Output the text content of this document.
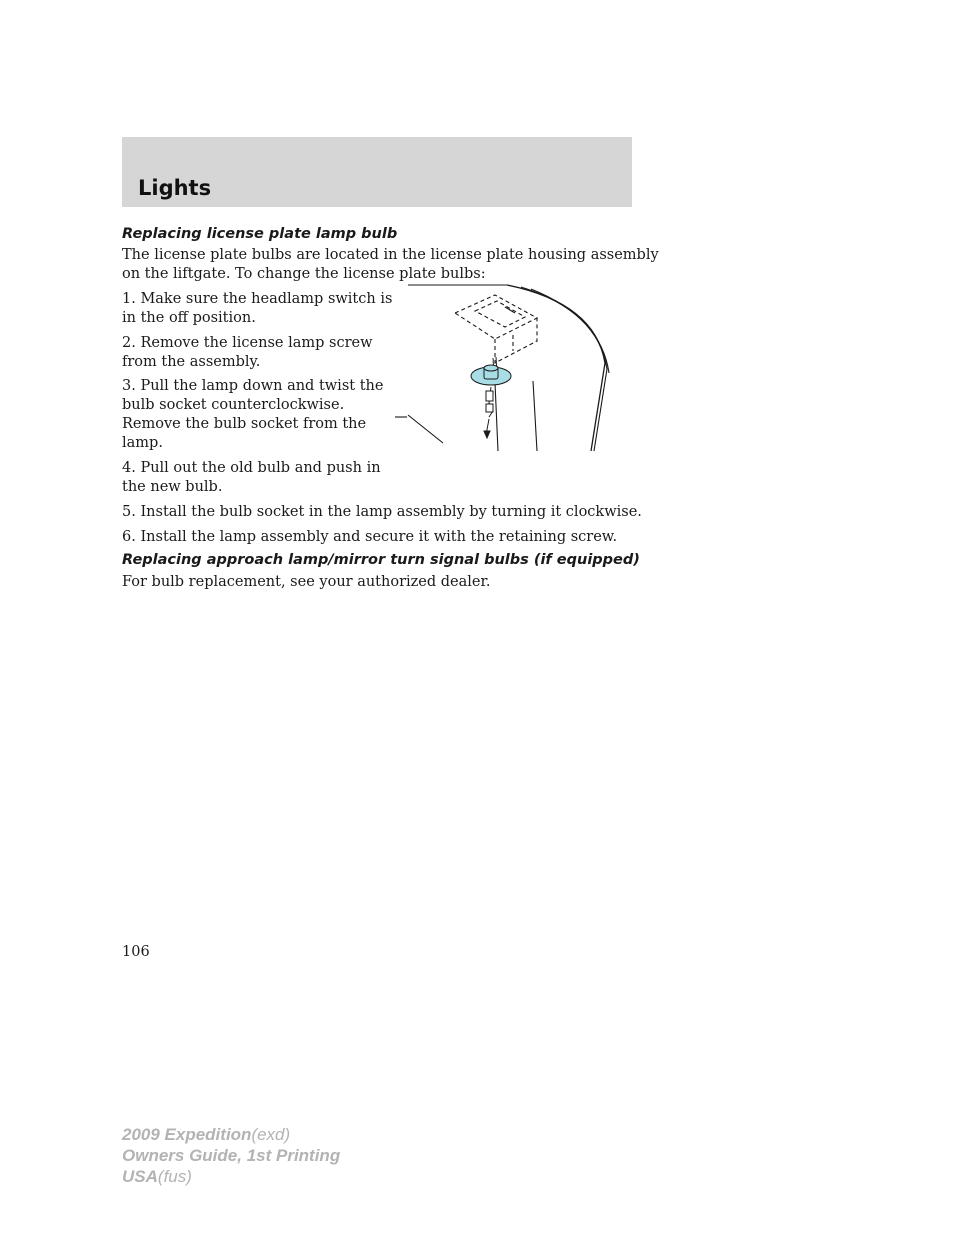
Lights
Replacing license plate lamp bulb

The license plate bulbs are located in the license plate housing assembly
on the liftgate. To change the license plate bulbs:

1. Make sure the headlamp switch is
in the off position.

2. Remove the license lamp screw
from the assembly.

3. Pull the lamp down and twist the
bulb socket counterclockwise.
Remove the bulb socket from the
lamp.

4. Pull out the old bulb and push in
the new bulb.

5. Install the bulb socket in the lamp assembly by turning it clockwise.

6. Install the lamp assembly and secure it with the retaining screw.

Replacing approach lamp/mirror turn signal bulbs (if equipped)

For bulb replacement, see your authorized dealer.

106

2009 Expedition(exd)
Owners Guide, 1st Printing
USA(fus)
